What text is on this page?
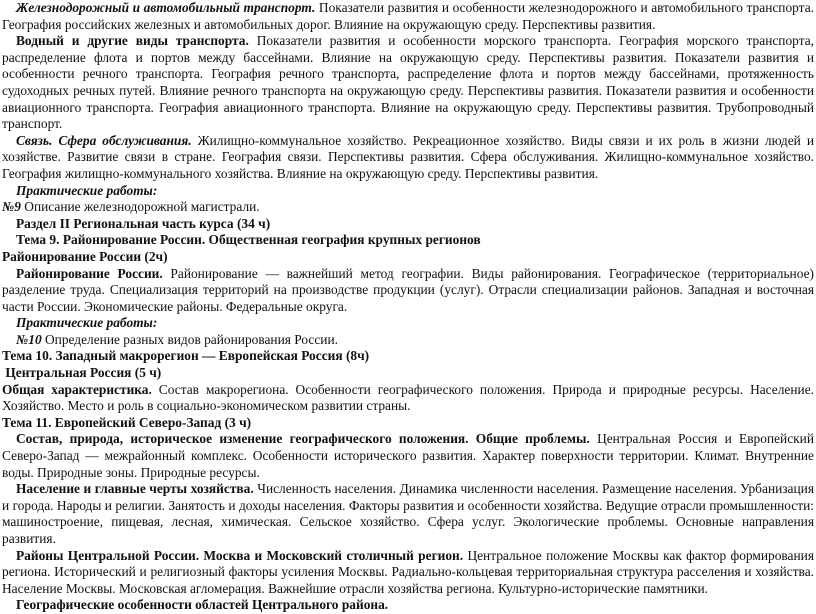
Железнодорожный и автомобильный транспорт. Показатели развития и особенности железнодорожного и автомобильного транспорта. География российских железных и автомобильных дорог. Влияние на окружающую среду. Перспективы развития.

Водный и другие виды транспорта. Показатели развития и особенности морского транспорта. География морского транспорта, распределение флота и портов между бассейнами. Влияние на окружающую среду. Перспективы развития. Показатели развития и особенности речного транспорта. География речного транспорта, распределение флота и портов между бассейнами, протяженность судоходных речных путей. Влияние речного транспорта на окружающую среду. Перспективы развития. Показатели развития и особенности авиационного транспорта. География авиационного транспорта. Влияние на окружающую среду. Перспективы развития. Трубопроводный транспорт.

Связь. Сфера обслуживания. Жилищно-коммунальное хозяйство. Рекреационное хозяйство. Виды связи и их роль в жизни людей и хозяйстве. Развитие связи в стране. География связи. Перспективы развития. Сфера обслуживания. Жилищно-коммунальное хозяйство. География жилищно-коммунального хозяйства. Влияние на окружающую среду. Перспективы развития.

Практические работы:

№9 Описание железнодорожной магистрали.

Раздел II Региональная часть курса (34 ч)

Тема 9. Районирование России. Общественная география крупных регионов

Районирование России (2ч)

Районирование России. Районирование — важнейший метод географии. Виды районирования. Географическое (территориальное) разделение труда. Специализация территорий на производстве продукции (услуг). Отрасли специализации районов. Западная и восточная части России. Экономические районы. Федеральные округа.

Практические работы:

№10 Определение разных видов районирования России.

Тема 10. Западный макрорегион — Европейская Россия (8ч)

Центральная Россия (5 ч)

Общая характеристика. Состав макрорегиона. Особенности географического положения. Природа и природные ресурсы. Население. Хозяйство. Место и роль в социально-экономическом развитии страны.

Тема 11. Европейский Северо-Запад (3 ч)

Состав, природа, историческое изменение географического положения. Общие проблемы. Центральная Россия и Европейский Северо-Запад — межрайонный комплекс. Особенности исторического развития. Характер поверхности территории. Климат. Внутренние воды. Природные зоны. Природные ресурсы.

Население и главные черты хозяйства. Численность населения. Динамика численности населения. Размещение населения. Урбанизация и города. Народы и религии. Занятость и доходы населения. Факторы развития и особенности хозяйства. Ведущие отрасли промышленности: машиностроение, пищевая, лесная, химическая. Сельское хозяйство. Сфера услуг. Экологические проблемы. Основные направления развития.

Районы Центральной России. Москва и Московский столичный регион. Центральное положение Москвы как фактор формирования региона. Исторический и религиозный факторы усиления Москвы. Радиально-кольцевая территориальная структура расселения и хозяйства. Население Москвы. Московская агломерация. Важнейшие отрасли хозяйства региона. Культурно-исторические памятники.

Географические особенности областей Центрального района.
